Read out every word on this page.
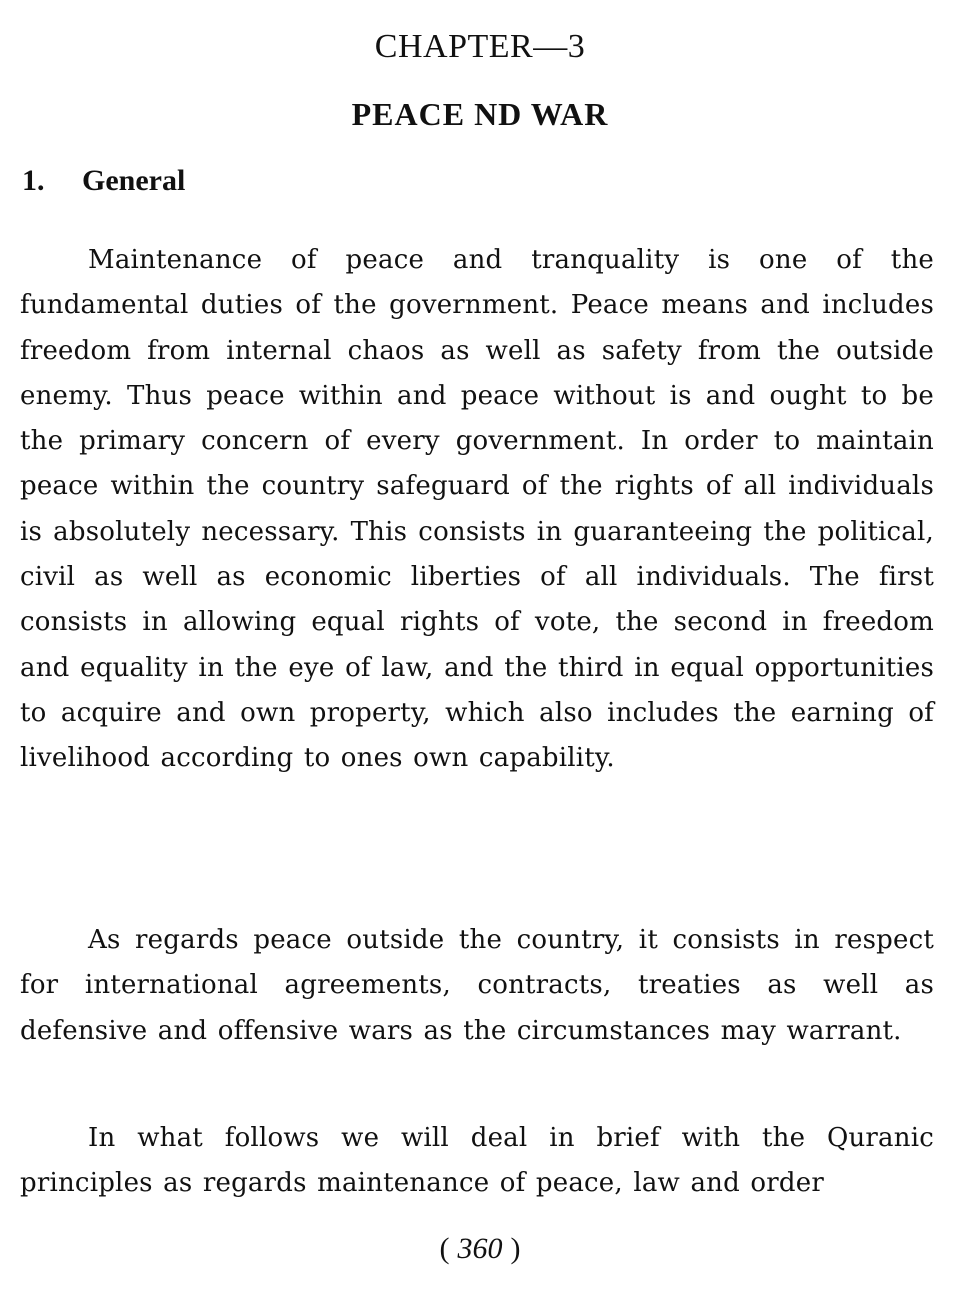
CHAPTER—3
PEACE ND WAR
1. General

Maintenance of peace and tranquality is one of the fundamental duties of the government. Peace means and includes freedom from internal chaos as well as safety from the outside enemy. Thus peace within and peace without is and ought to be the primary concern of every government. In order to maintain peace within the country safeguard of the rights of all individuals is absolutely necessary. This consists in guaranteeing the political, civil as well as economic liberties of all individuals. The first consists in allowing equal rights of vote, the second in freedom and equality in the eye of law, and the third in equal opportunities to acquire and own property, which also includes the earning of livelihood according to ones own capability.

As regards peace outside the country, it consists in respect for international agreements, contracts, treaties as well as defensive and offensive wars as the circumstances may warrant.

In what follows we will deal in brief with the Quranic principles as regards maintenance of peace, law and order

( 360 )
